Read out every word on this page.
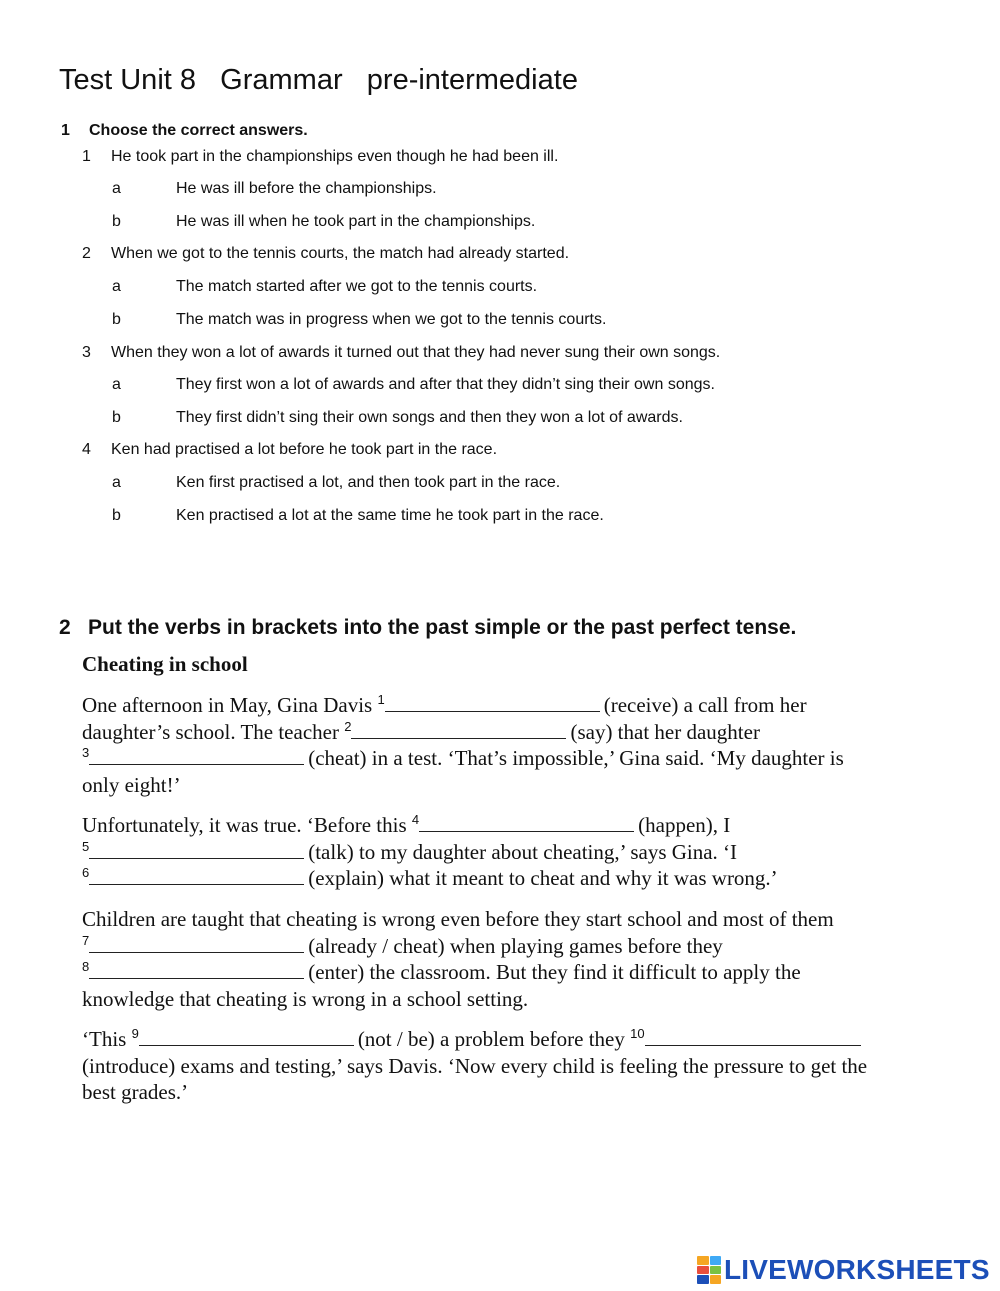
Test Unit 8   Grammar   pre-intermediate
1 Choose the correct answers.
1 He took part in the championships even though he had been ill.
a	He was ill before the championships.
b	He was ill when he took part in the championships.
2 When we got to the tennis courts, the match had already started.
a	The match started after we got to the tennis courts.
b	The match was in progress when we got to the tennis courts.
3 When they won a lot of awards it turned out that they had never sung their own songs.
a	They first won a lot of awards and after that they didn’t sing their own songs.
b	They first didn’t sing their own songs and then they won a lot of awards.
4 Ken had practised a lot before he took part in the race.
a	Ken first practised a lot, and then took part in the race.
b	Ken practised a lot at the same time he took part in the race.
2 Put the verbs in brackets into the past simple or the past perfect tense.
Cheating in school
One afternoon in May, Gina Davis $^1$	(receive) a call from her
daughter’s school. The teacher $^2$	(say) that her daughter
$^3$	(cheat) in a test. ‘That’s impossible,’ Gina said. ‘My daughter is
only eight!’
Unfortunately, it was true. ‘Before this $^4$	(happen), I
$^5$	(talk) to my daughter about cheating,’ says Gina. ‘I
$^6$	(explain) what it meant to cheat and why it was wrong.’
Children are taught that cheating is wrong even before they start school and most of them
$^7$	(already / cheat) when playing games before they
$^8$	(enter) the classroom. But they find it difficult to apply the
knowledge that cheating is wrong in a school setting.
‘This $^9$	(not / be) a problem before they $^{10}$
(introduce) exams and testing,’ says Davis. ‘Now every child is feeling the pressure to get the
best grades.’
LIVEWORKSHEETS
